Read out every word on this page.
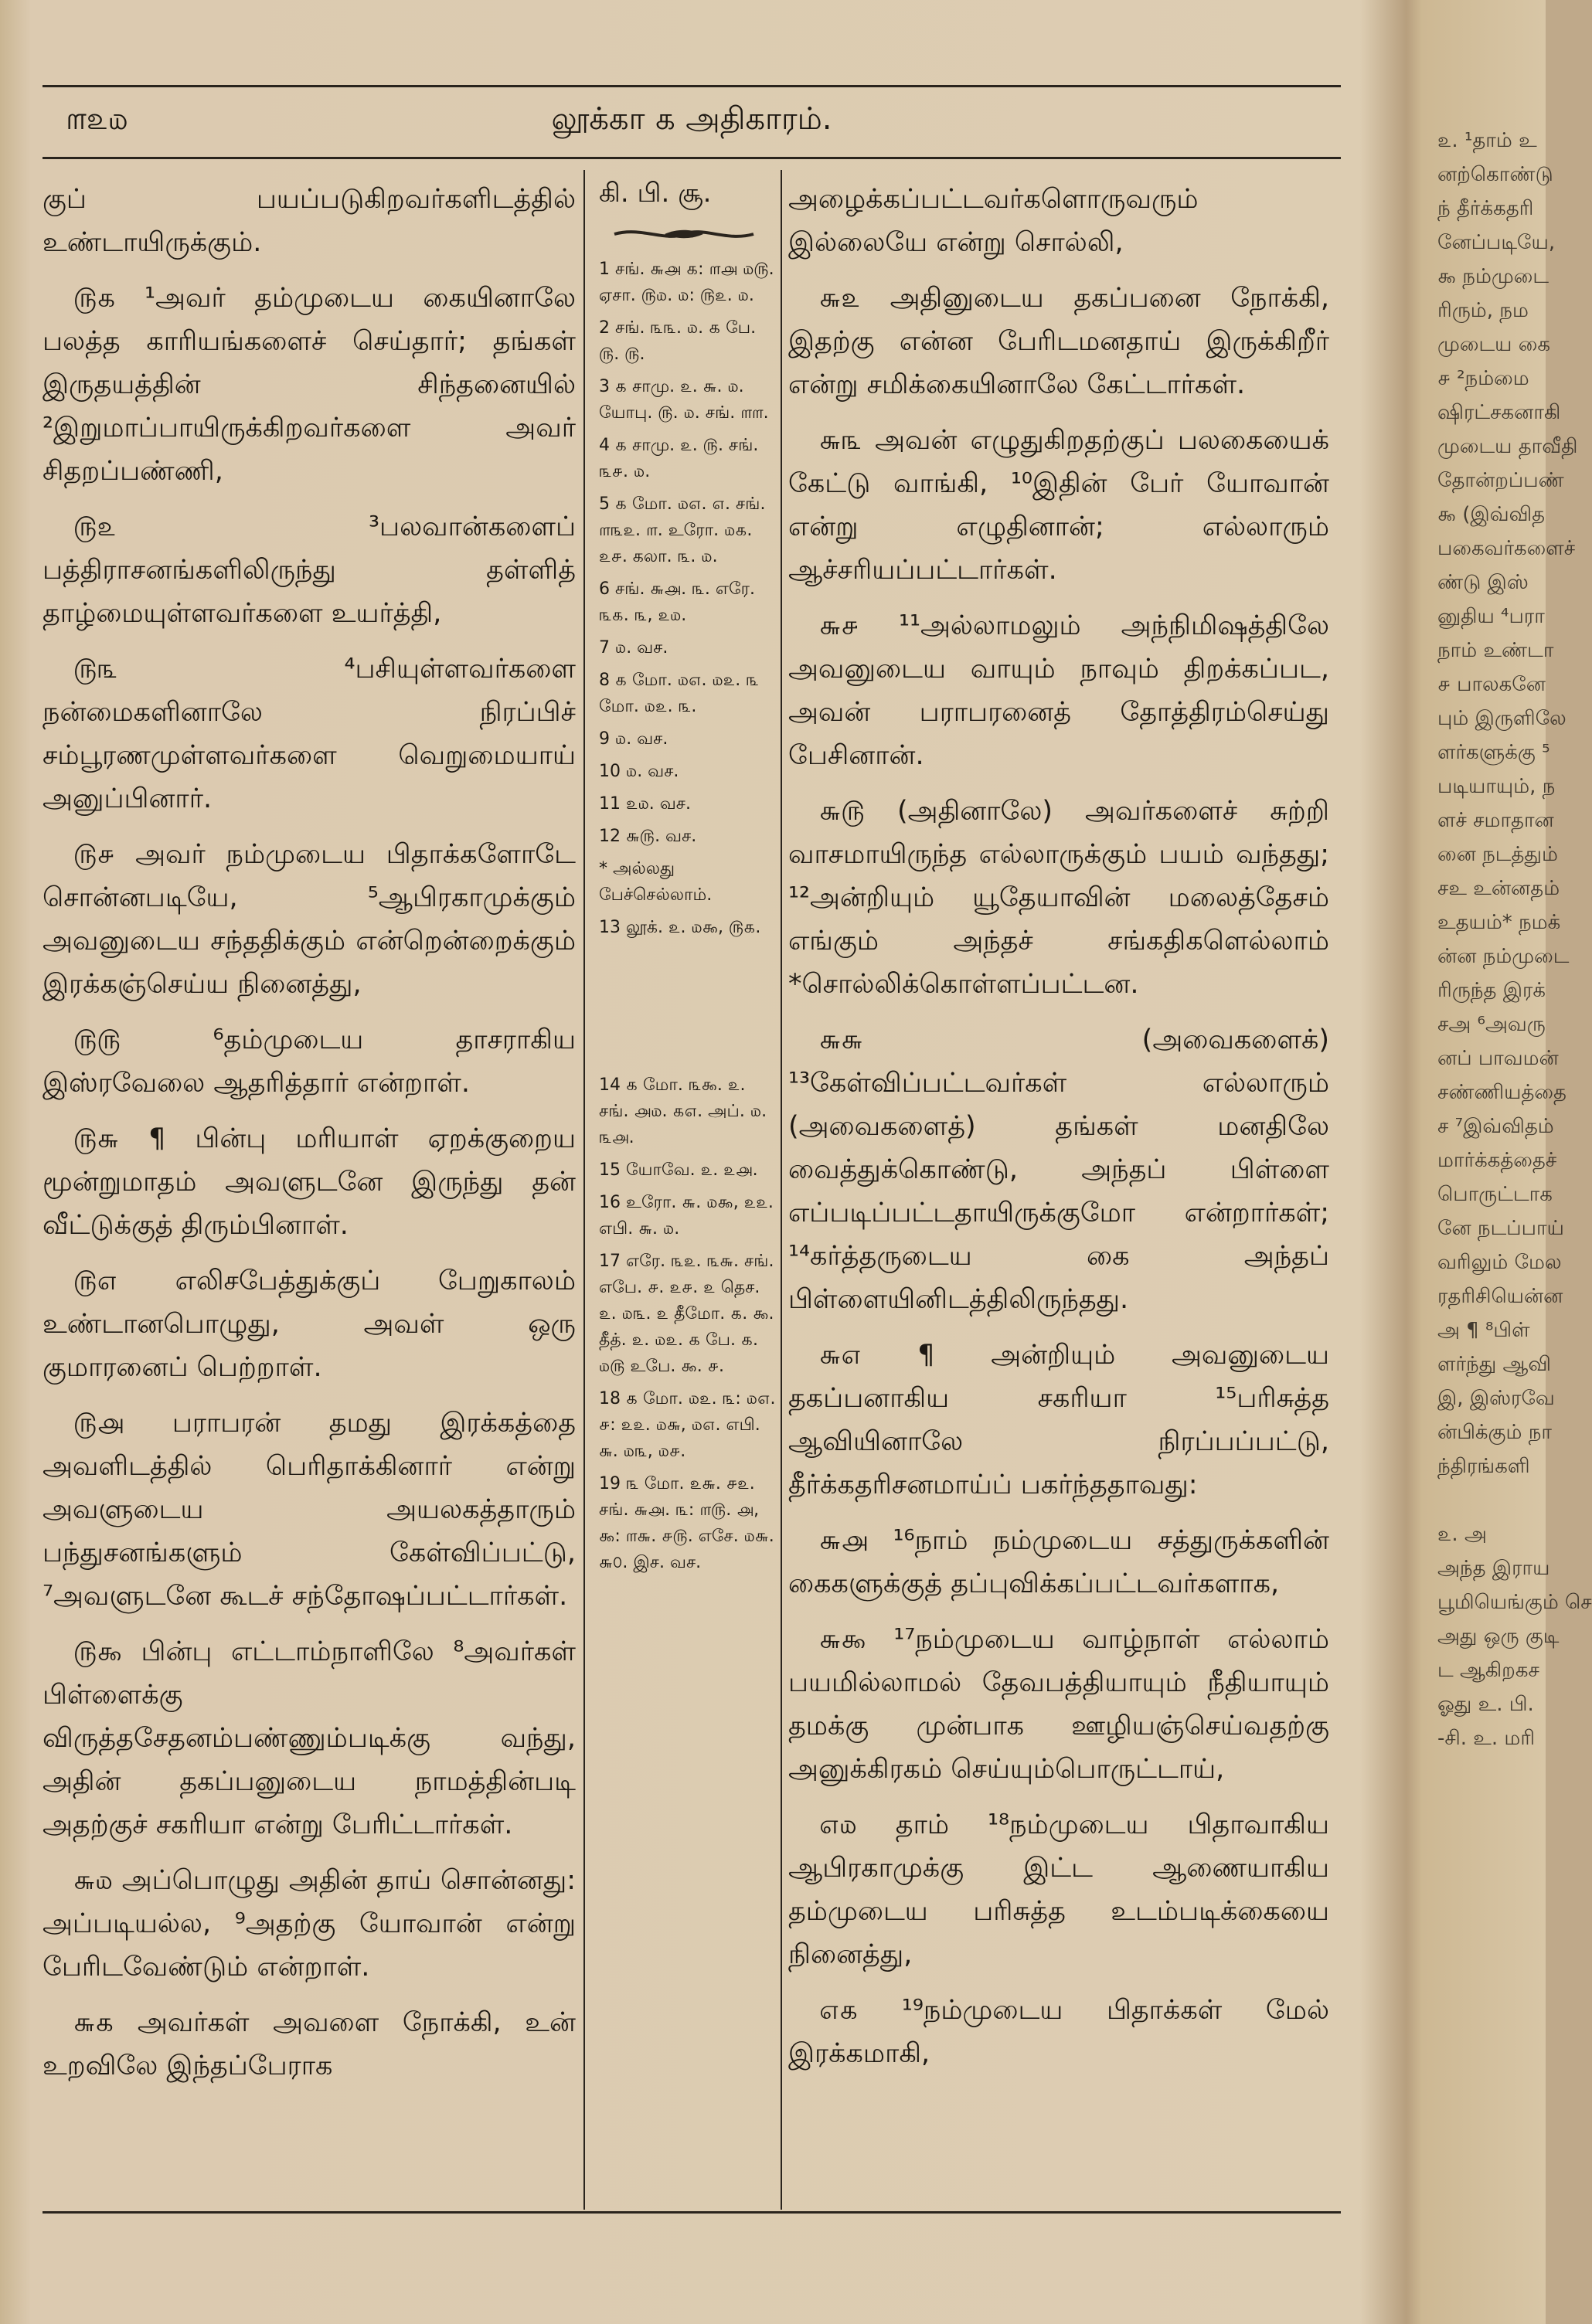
௱௨௰	லூக்கா ௧ அதிகாரம்.

குப் பயப்படுகிறவர்களிடத்தில் உண்டாயிருக்கும்.

௫௧ ¹அவர் தம்முடைய கையினாலே பலத்த காரியங்களைச் செய்தார்; தங்கள் இருதயத்தின் சிந்தனையில் ²இறுமாப்பாயிருக்கிறவர்களை அவர் சிதறப்பண்ணி,

௫௨ ³பலவான்களைப் பத்திராசனங்களிலிருந்து தள்ளித் தாழ்மையுள்ளவர்களை உயர்த்தி,

௫௩ ⁴பசியுள்ளவர்களை நன்மைகளினாலே நிரப்பிச் சம்பூரணமுள்ளவர்களை வெறுமையாய் அனுப்பினார்.

௫௪ அவர் நம்முடைய பிதாக்களோடே சொன்னபடியே, ⁵ஆபிரகாமுக்கும் அவனுடைய சந்ததிக்கும் என்றென்றைக்கும் இரக்கஞ்செய்ய நினைத்து,

௫௫ ⁶தம்முடைய தாசராகிய இஸ்ரவேலை ஆதரித்தார் என்றாள்.

௫௬ ¶ பின்பு மரியாள் ஏறக்குறைய மூன்றுமாதம் அவளுடனே இருந்து தன் வீட்டுக்குத் திரும்பினாள்.

௫௭ எலிசபேத்துக்குப் பேறுகாலம் உண்டானபொழுது, அவள் ஒரு குமாரனைப் பெற்றாள்.

௫௮ பராபரன் தமது இரக்கத்தை அவளிடத்தில் பெரிதாக்கினார் என்று அவளுடைய அயலகத்தாரும் பந்துசனங்களும் கேள்விப்பட்டு, ⁷அவளுடனே கூடச் சந்தோஷப்பட்டார்கள்.

௫௯ பின்பு எட்டாம்நாளிலே ⁸அவர்கள் பிள்ளைக்கு விருத்தசேதனம்பண்ணும்படிக்கு வந்து, அதின் தகப்பனுடைய நாமத்தின்படி அதற்குச் சகரியா என்று பேரிட்டார்கள்.

௬௰ அப்பொழுது அதின் தாய் சொன்னது: அப்படியல்ல, ⁹அதற்கு யோவான் என்று பேரிடவேண்டும் என்றாள்.

௬௧ அவர்கள் அவளை நோக்கி, உன் உறவிலே இந்தப்பேராக

கி. பி. சூ.

1 சங். ௬௮ ௧: ௱௮ ௰௫. ஏசா. ௫௰. ௰: ௫௨. ௰.

2 சங். ௩௩. ௰. ௧ பே. ௫. ௫.

3 ௧ சாமு. ௨. ௬. ௰. யோபு. ௫. ௰. சங். ௱௱.

4 ௧ சாமு. ௨. ௫. சங். ௩௪. ௰.

5 ௧ மோ. ௰௭. ௭. சங். ௱௩௨. ௱. உரோ. ௰௧. ௨௪. கலா. ௩. ௰.

6 சங். ௬௮. ௩. எரே. ௩௧. ௩, ௨௰.

7 ௰. வச.

8 ௧ மோ. ௰௭. ௰௨. ௩ மோ. ௰௨. ௩.

9 ௰. வச.

10 ௰. வச.

11 ௨௰. வச.

12 ௬௫. வச.

* அல்லது பேச்செல்லாம்.

13 லூக். ௨. ௰௯, ௫௧.

14 ௧ மோ. ௩௯. ௨. சங். ௮௰. ௧௭. அப். ௰. ௩௮.

15 யோவே. ௨. ௨௮.

16 உரோ. ௬. ௰௯, ௨௨. எபி. ௬. ௰.

17 எரே. ௩௨. ௩௬. சங். எபே. ௪. ௨௪. ௨ தெச. ௨. ௰௩. ௨ தீமோ. ௧. ௯. தீத். ௨. ௰௨. ௧ பே. ௧. ௰௫ உபே. ௯. ௪.

18 ௧ மோ. ௰௨. ௩: ௰௭. ௪: ௨௨. ௰௬, ௰௭. எபி. ௬. ௰௩, ௰௪.

19 ௩ மோ. ௨௬. ௪௨. சங். ௬௮. ௩: ௱௫. ௮, ௯: ௱௬. ௪௫. எசே. ௰௬. ௬௦. இச. வச.

அழைக்கப்பட்டவர்களொருவரும் இல்லையே என்று சொல்லி,

௬௨ அதினுடைய தகப்பனை நோக்கி, இதற்கு என்ன பேரிடமனதாய் இருக்கிறீர் என்று சமிக்கையினாலே கேட்டார்கள்.

௬௩ அவன் எழுதுகிறதற்குப் பலகையைக் கேட்டு வாங்கி, ¹⁰இதின் பேர் யோவான் என்று எழுதினான்; எல்லாரும் ஆச்சரியப்பட்டார்கள்.

௬௪ ¹¹அல்லாமலும் அந்நிமிஷத்திலே அவனுடைய வாயும் நாவும் திறக்கப்பட, அவன் பராபரனைத் தோத்திரம்செய்து பேசினான்.

௬௫ (அதினாலே) அவர்களைச் சுற்றி வாசமாயிருந்த எல்லாருக்கும் பயம் வந்தது; ¹²அன்றியும் யூதேயாவின் மலைத்தேசம் எங்கும் அந்தச் சங்கதிகளெல்லாம் *சொல்லிக்கொள்ளப்பட்டன.

௬௬ (அவைகளைக்) ¹³கேள்விப்பட்டவர்கள் எல்லாரும் (அவைகளைத்) தங்கள் மனதிலே வைத்துக்கொண்டு, அந்தப் பிள்ளை எப்படிப்பட்டதாயிருக்குமோ என்றார்கள்; ¹⁴கர்த்தருடைய கை அந்தப் பிள்ளையினிடத்திலிருந்தது.

௬௭ ¶ அன்றியும் அவனுடைய தகப்பனாகிய சகரியா ¹⁵பரிசுத்த ஆவியினாலே நிரப்பப்பட்டு, தீர்க்கதரிசனமாய்ப் பகர்ந்ததாவது:

௬௮ ¹⁶நாம் நம்முடைய சத்துருக்களின் கைகளுக்குத் தப்புவிக்கப்பட்டவர்களாக,

௬௯ ¹⁷நம்முடைய வாழ்நாள் எல்லாம் பயமில்லாமல் தேவபத்தியாயும் நீதியாயும் தமக்கு முன்பாக ஊழியஞ்செய்வதற்கு அனுக்கிரகம் செய்யும்பொருட்டாய்,

௭௰ தாம் ¹⁸நம்முடைய பிதாவாகிய ஆபிரகாமுக்கு இட்ட ஆணையாகிய தம்முடைய பரிசுத்த உடம்படிக்கையை நினைத்து,

௭௧ ¹⁹நம்முடைய பிதாக்கள் மேல் இரக்கமாகி,

௨. ¹தாம் உ
னற்கொண்டு
ந் தீர்க்கதரி
னேப்படியே,
௯ நம்முடை
ரிரும், நம
முடைய கை
௪ ²நம்மை
ஷிரட்சகனாகி
முடைய தாவீதி
தோன்றப்பண்
௯ (இவ்வித
பகைவர்களைச்
ண்டு இஸ்
னுதிய ⁴பரா
நாம் உண்டா
௪ பாலகனே
பும் இருளிலே
ளர்களுக்கு ⁵
படியாயும், ந
ளச் சமாதான
னை நடத்தும்
சஉ உன்னதம்
உதயம்* நமக்
ன்ன நம்முடை
ரிருந்த இரக்
சஅ ⁶அவரு
னப் பாவமன்
சண்ணியத்தை
ச ⁷இவ்விதம்
மார்க்கத்தைச்
பொருட்டாக
னே நடப்பாய்
வரிலும் மேல
ரதரிசியென்ன
அ ¶ ⁸பிள்
ளர்ந்து ஆவி
இ, இஸ்ரவே
ன்பிக்கும் நா
ந்திரங்களி

௨. அ
அந்த இராய
பூமியெங்கும் செ
அது ஒரு குடி
ட ஆகிறகச
ஓது உ. பி.
-சி. உ. மரி
